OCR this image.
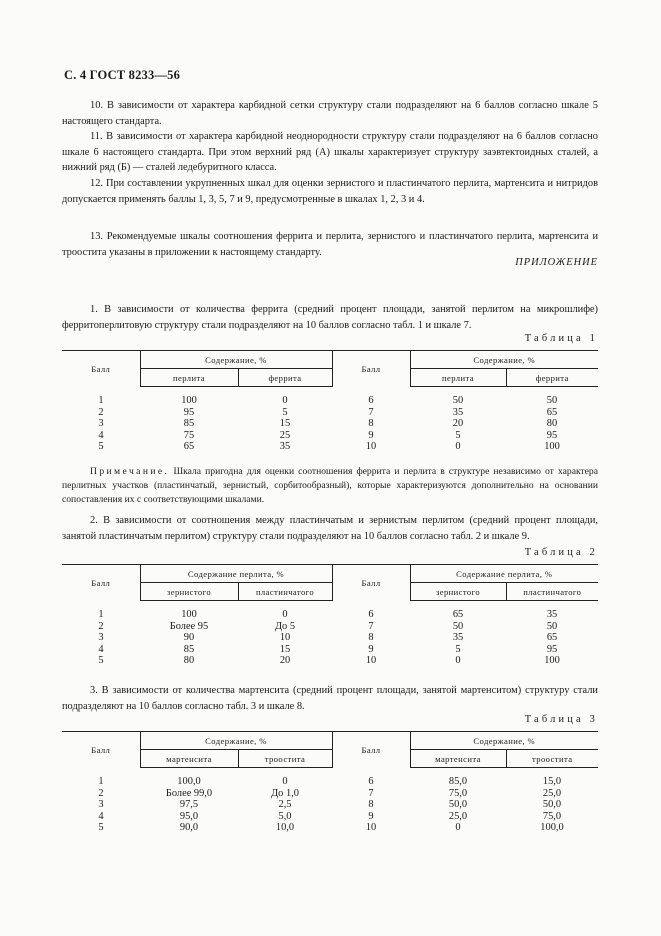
С. 4 ГОСТ 8233—56
10. В зависимости от характера карбидной сетки структуру стали подразделяют на 6 баллов согласно шкале 5 настоящего стандарта.
11. В зависимости от характера карбидной неоднородности структуру стали подразделяют на 6 баллов согласно шкале 6 настоящего стандарта. При этом верхний ряд (А) шкалы характеризует структуру заэвтектоидных сталей, а нижний ряд (Б) — сталей ледебуритного класса.
12. При составлении укрупненных шкал для оценки зернистого и пластинчатого перлита, мартенсита и нитридов допускается применять баллы 1, 3, 5, 7 и 9, предусмотренные в шкалах 1, 2, 3 и 4.
13. Рекомендуемые шкалы соотношения феррита и перлита, зернистого и пластинчатого перлита, мартенсита и троостита указаны в приложении к настоящему стандарту.
ПРИЛОЖЕНИЕ
1. В зависимости от количества феррита (средний процент площади, занятой перлитом на микрошлифе) ферритоперлитовую структуру стали подразделяют на 10 баллов согласно табл. 1 и шкале 7.
Таблица 1
Балл	Содержание, %		Балл	Содержание, %	
	перлита	феррита		перлита	феррита
1	100	0	6	50	50
2	95	5	7	35	65
3	85	15	8	20	80
4	75	25	9	5	95
5	65	35	10	0	100
Примечание. Шкала пригодна для оценки соотношения феррита и перлита в структуре независимо от характера перлитных участков (пластинчатый, зернистый, сорбитообразный), которые характеризуются дополнительно на основании сопоставления их с соответствующими шкалами.
2. В зависимости от соотношения между пластинчатым и зернистым перлитом (средний процент площади, занятой пластинчатым перлитом) структуру стали подразделяют на 10 баллов согласно табл. 2 и шкале 9.
Таблица 2
Балл	Содержание перлита, %		Балл	Содержание перлита, %	
	зернистого	пластинчатого		зернистого	пластинчатого
1	100	0	6	65	35
2	Более 95	До 5	7	50	50
3	90	10	8	35	65
4	85	15	9	5	95
5	80	20	10	0	100
3. В зависимости от количества мартенсита (средний процент площади, занятой мартенситом) структуру стали подразделяют на 10 баллов согласно табл. 3 и шкале 8.
Таблица 3
Балл	Содержание, %		Балл	Содержание, %	
	мартенсита	троостита		мартенсита	троостита
1	100,0	0	6	85,0	15,0
2	Более 99,0	До 1,0	7	75,0	25,0
3	97,5	2,5	8	50,0	50,0
4	95,0	5,0	9	25,0	75,0
5	90,0	10,0	10	0	100,0
